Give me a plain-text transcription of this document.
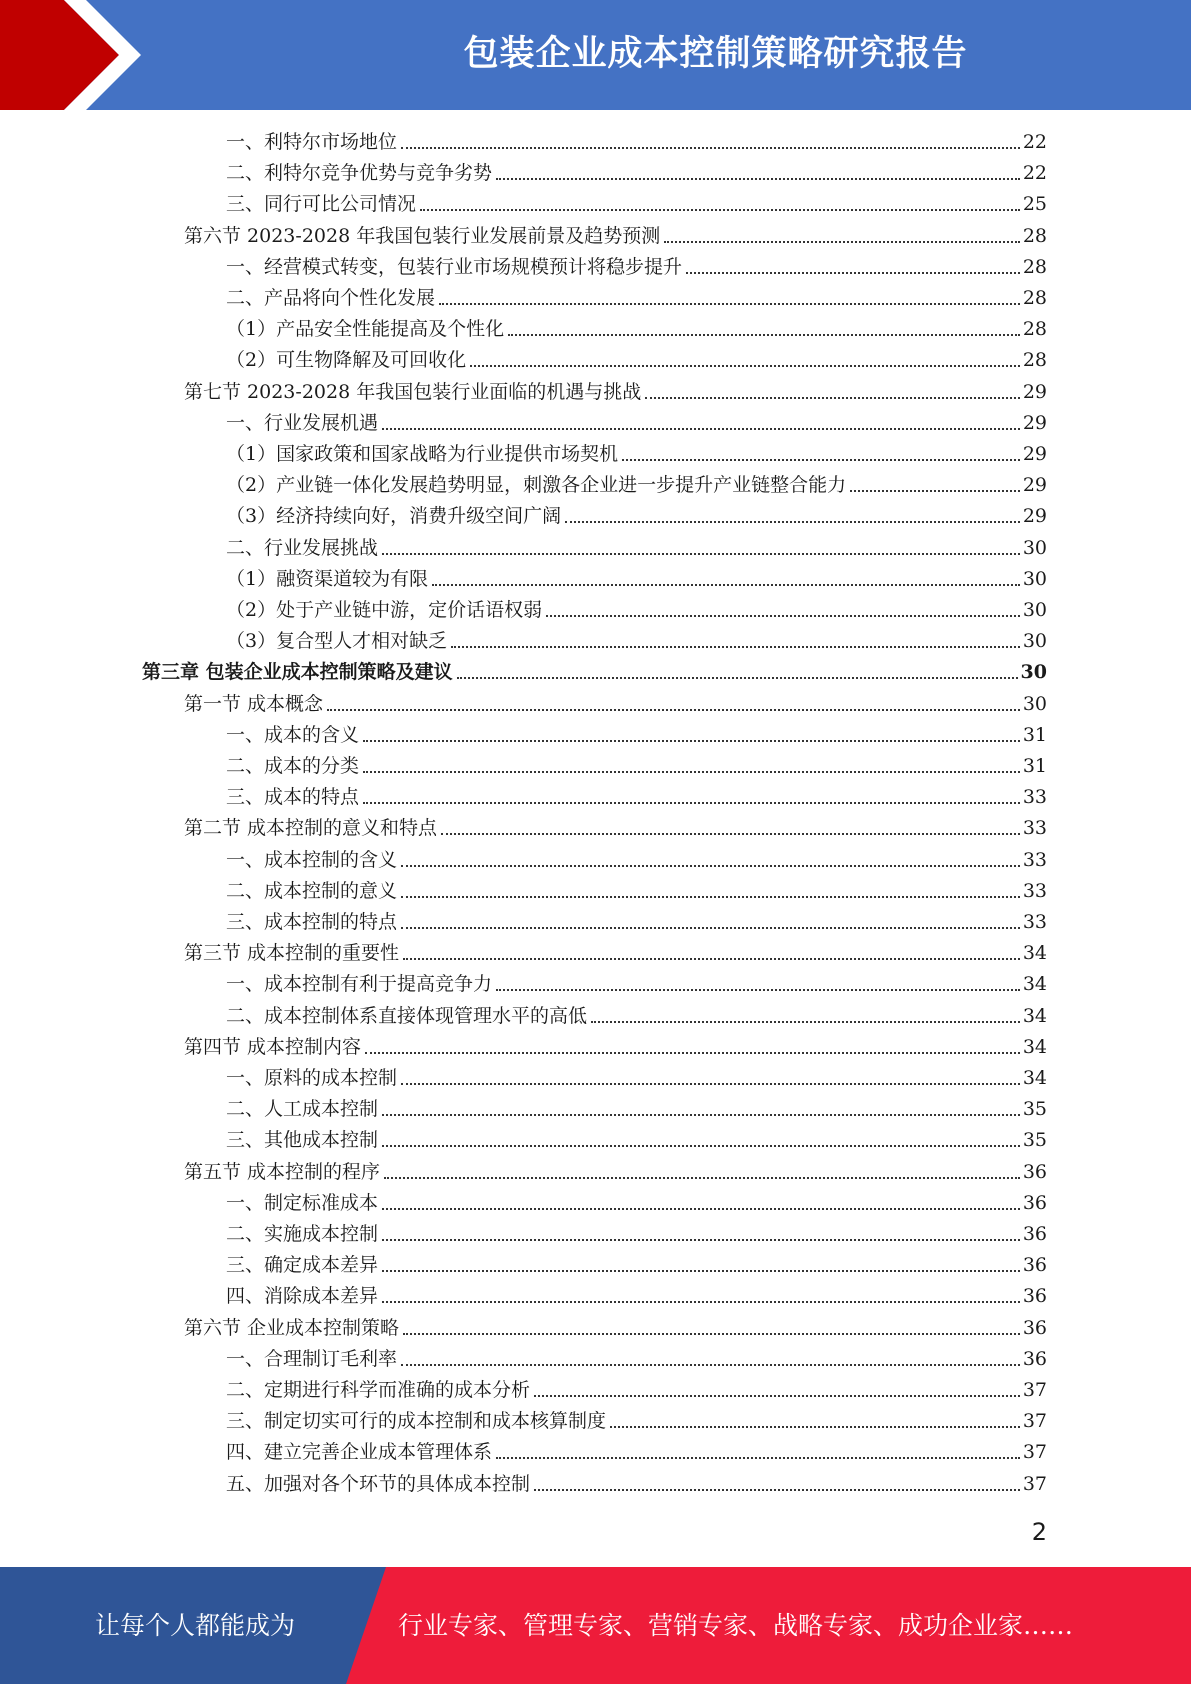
包装企业成本控制策略研究报告
一、利特尔市场地位	22
二、利特尔竞争优势与竞争劣势	22
三、同行可比公司情况	25
第六节 2023-2028 年我国包装行业发展前景及趋势预测	28
一、经营模式转变，包装行业市场规模预计将稳步提升	28
二、产品将向个性化发展	28
（1）产品安全性能提高及个性化	28
（2）可生物降解及可回收化	28
第七节 2023-2028 年我国包装行业面临的机遇与挑战	29
一、行业发展机遇	29
（1）国家政策和国家战略为行业提供市场契机	29
（2）产业链一体化发展趋势明显，刺激各企业进一步提升产业链整合能力	29
（3）经济持续向好，消费升级空间广阔	29
二、行业发展挑战	30
（1）融资渠道较为有限	30
（2）处于产业链中游，定价话语权弱	30
（3）复合型人才相对缺乏	30
第三章 包装企业成本控制策略及建议	30
第一节 成本概念	30
一、成本的含义	31
二、成本的分类	31
三、成本的特点	33
第二节 成本控制的意义和特点	33
一、成本控制的含义	33
二、成本控制的意义	33
三、成本控制的特点	33
第三节 成本控制的重要性	34
一、成本控制有利于提高竞争力	34
二、成本控制体系直接体现管理水平的高低	34
第四节 成本控制内容	34
一、原料的成本控制	34
二、人工成本控制	35
三、其他成本控制	35
第五节 成本控制的程序	36
一、制定标准成本	36
二、实施成本控制	36
三、确定成本差异	36
四、消除成本差异	36
第六节 企业成本控制策略	36
一、合理制订毛利率	36
二、定期进行科学而准确的成本分析	37
三、制定切实可行的成本控制和成本核算制度	37
四、建立完善企业成本管理体系	37
五、加强对各个环节的具体成本控制	37
2
让每个人都能成为	行业专家、管理专家、营销专家、战略专家、成功企业家……
